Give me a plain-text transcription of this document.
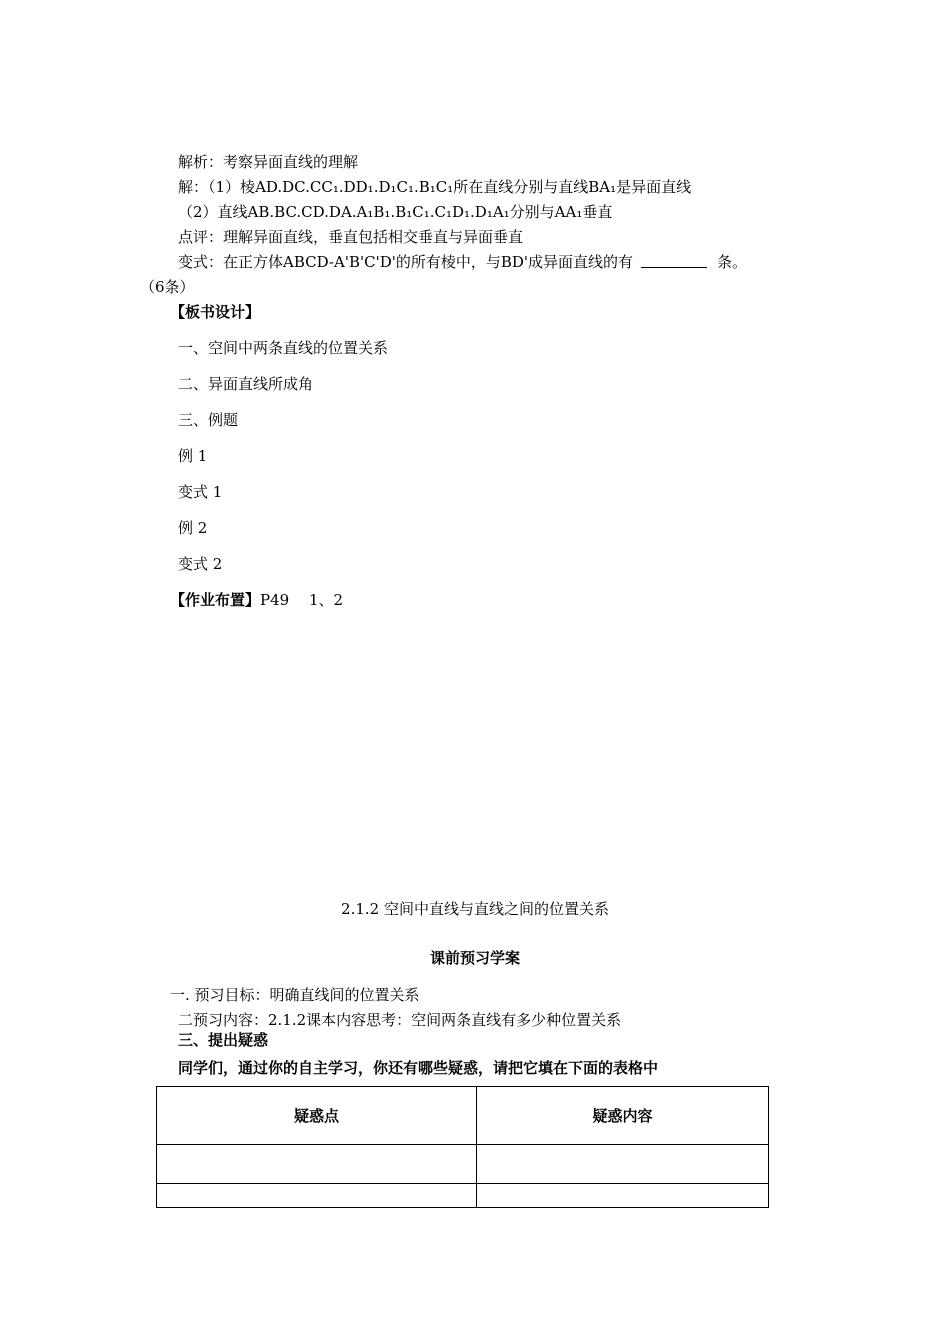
解析：考察异面直线的理解
解：（1）棱AD.DC.CC₁.DD₁.D₁C₁.B₁C₁所在直线分别与直线BA₁是异面直线
（2）直线AB.BC.CD.DA.A₁B₁.B₁C₁.C₁D₁.D₁A₁分别与AA₁垂直
点评：理解异面直线，垂直包括相交垂直与异面垂直
变式：在正方体ABCD-A'B'C'D'的所有棱中，与BD'成异面直线的有	条。
（6条）
【板书设计】
一、空间中两条直线的位置关系
二、异面直线所成角
三、例题
例 1
变式 1
例 2
变式 2
【作业布置】P49　 1、2
2.1.2 空间中直线与直线之间的位置关系
课前预习学案
一. 预习目标：明确直线间的位置关系
二预习内容：2.1.2课本内容思考：空间两条直线有多少种位置关系
三、提出疑惑
同学们，通过你的自主学习，你还有哪些疑惑，请把它填在下面的表格中
疑惑点	疑惑内容
